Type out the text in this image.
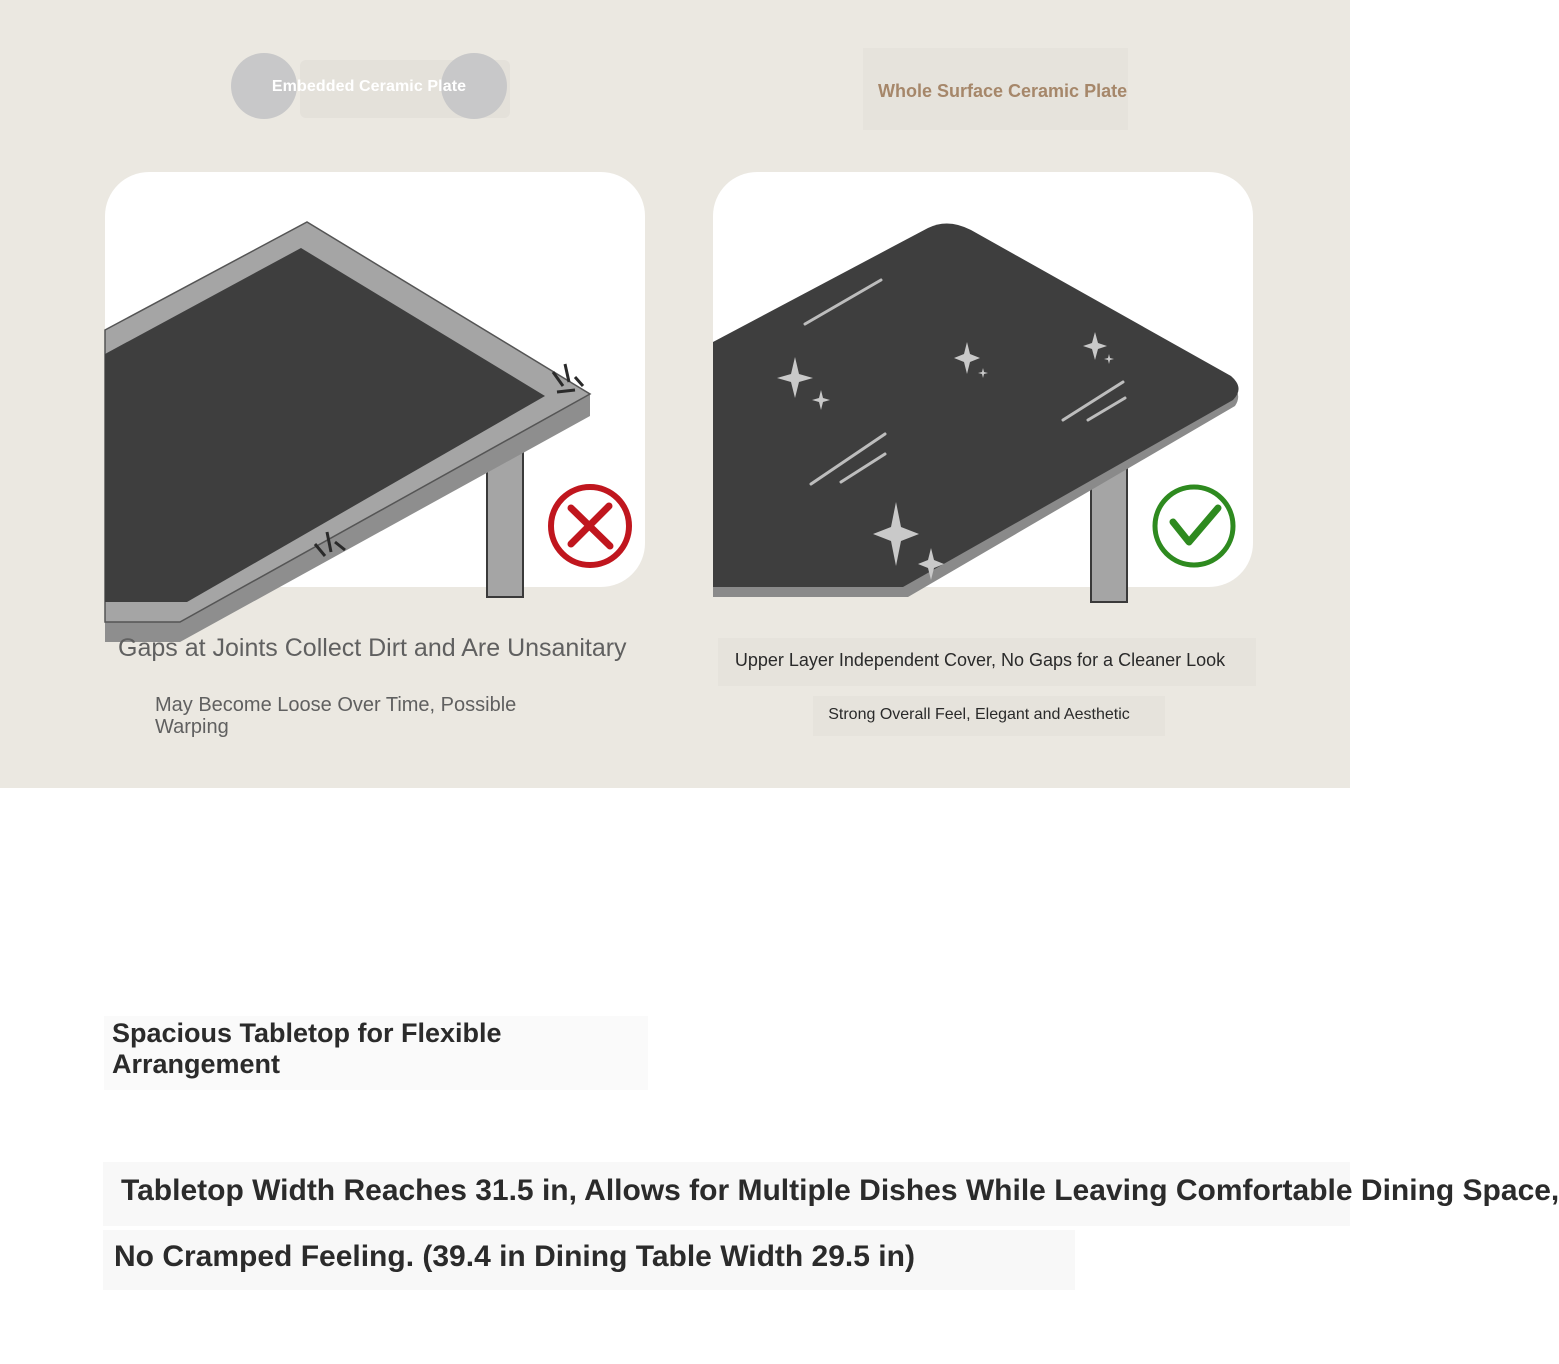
Embedded Ceramic Plate	Whole Surface Ceramic Plate
Gaps at Joints Collect Dirt and Are Unsanitary
May Become Loose Over Time, Possible Warping
Upper Layer Independent Cover, No Gaps for a Cleaner Look
Strong Overall Feel, Elegant and Aesthetic
Spacious Tabletop for Flexible Arrangement
Tabletop Width Reaches 31.5 in, Allows for Multiple Dishes While Leaving Comfortable Dining Space,
No Cramped Feeling. (39.4 in Dining Table Width 29.5 in)
